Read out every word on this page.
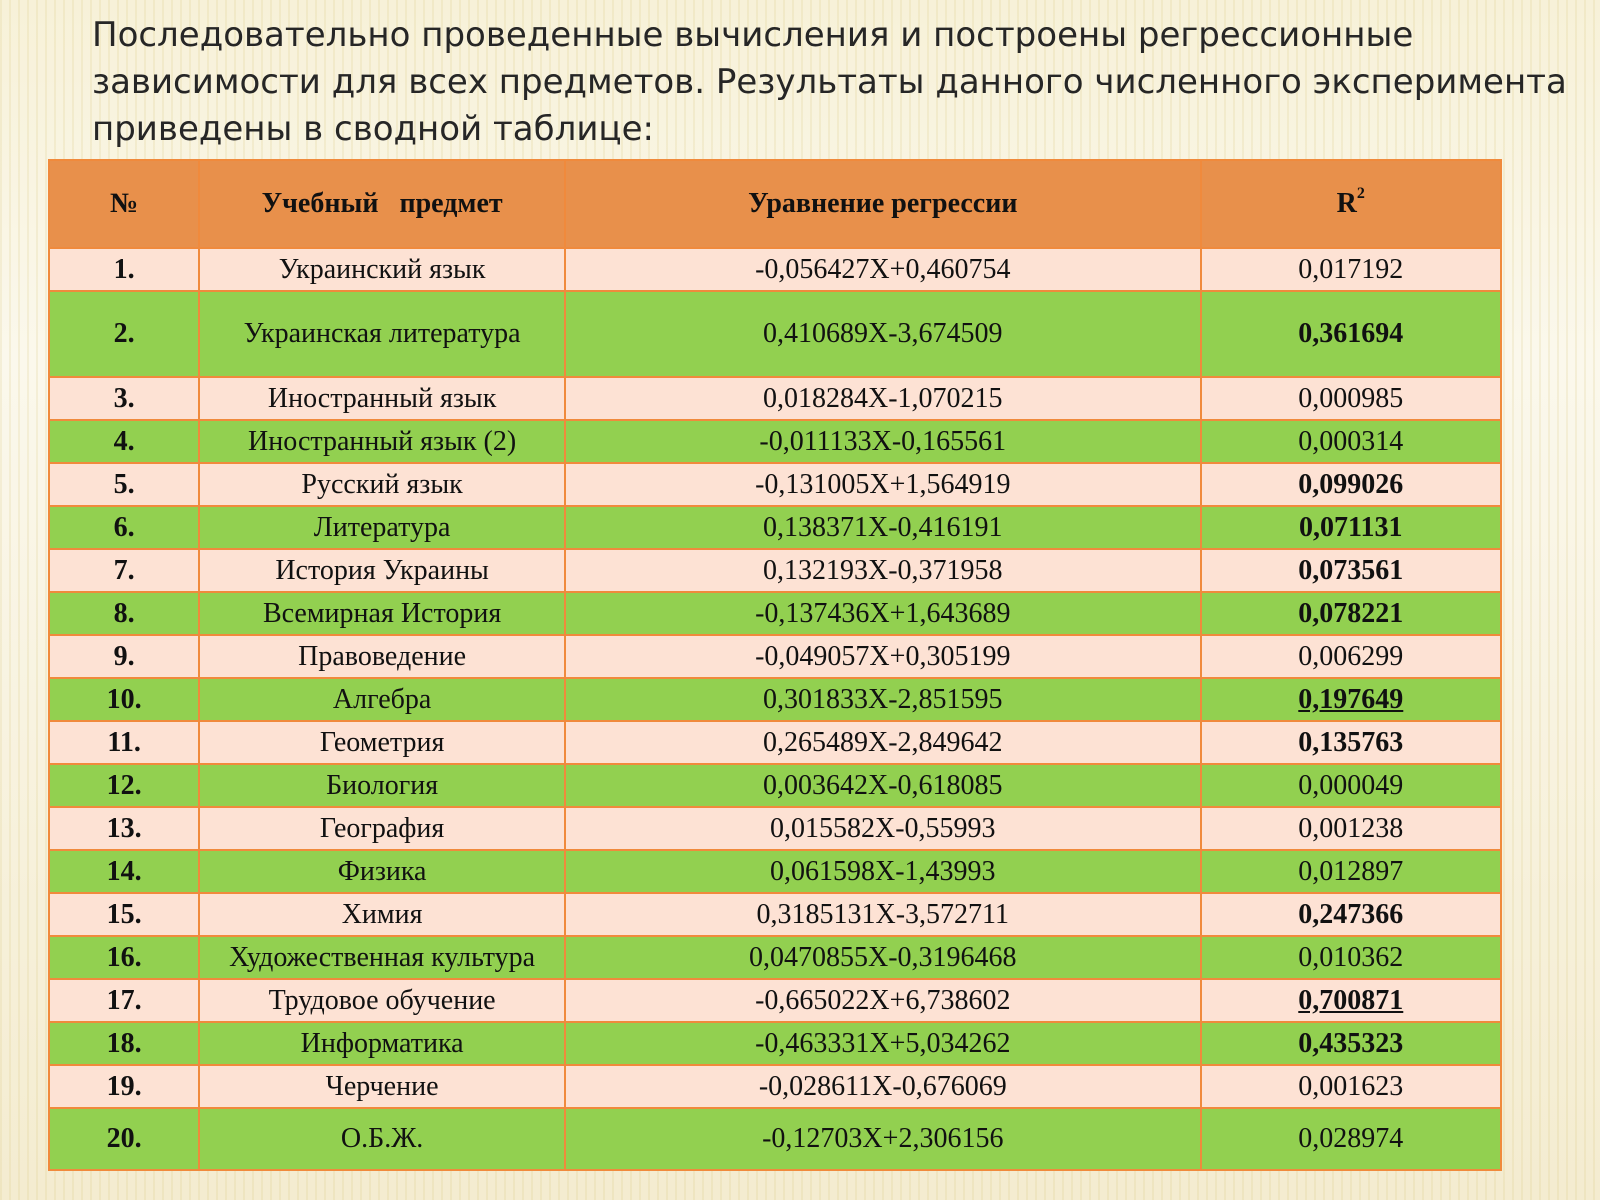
Последовательно проведенные вычисления и построены регрессионные
зависимости для всех предметов. Результаты данного численного эксперимента
приведены в сводной таблице:
№	Учебный   предмет	Уравнение регрессии	$R^2$
1.	Украинский язык	-0,056427X+0,460754	0,017192
2.	Украинская литература	0,410689X-3,674509	0,361694
3.	Иностранный язык	0,018284X-1,070215	0,000985
4.	Иностранный язык (2)	-0,011133X-0,165561	0,000314
5.	Русский язык	-0,131005X+1,564919	0,099026
6.	Литература	0,138371X-0,416191	0,071131
7.	История Украины	0,132193X-0,371958	0,073561
8.	Всемирная История	-0,137436X+1,643689	0,078221
9.	Правоведение	-0,049057X+0,305199	0,006299
10.	Алгебра	0,301833X-2,851595	0,197649
11.	Геометрия	0,265489X-2,849642	0,135763
12.	Биология	0,003642X-0,618085	0,000049
13.	География	0,015582X-0,55993	0,001238
14.	Физика	0,061598X-1,43993	0,012897
15.	Химия	0,3185131X-3,572711	0,247366
16.	Художественная культура	0,0470855X-0,3196468	0,010362
17.	Трудовое обучение	-0,665022X+6,738602	0,700871
18.	Информатика	-0,463331X+5,034262	0,435323
19.	Черчение	-0,028611X-0,676069	0,001623
20.	О.Б.Ж.	-0,12703X+2,306156	0,028974
